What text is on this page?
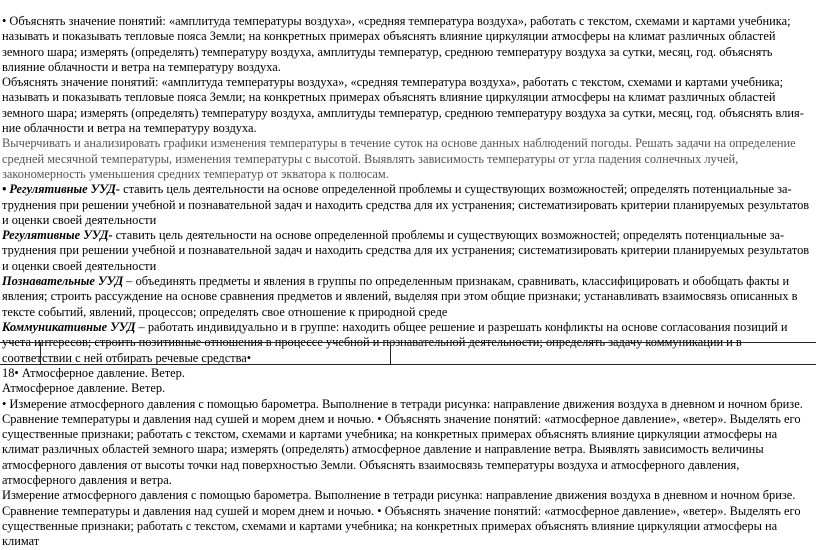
• Объяснять значение понятий: «амплитуда температуры воздуха», «средняя температура воздуха», работать с текстом, схемами и картами учебника; называть и показывать тепловые пояса Земли; на конкретных примерах объяснять влияние циркуляции атмосферы на климат различных областей земного шара; измерять (определять) температуру воздуха, амплитуды температур, среднюю температуру воздуха за сутки, месяц, год. объяснять влияние облачности и ветра на температуру воздуха.

Объяснять значение понятий: «амплитуда температуры воздуха», «средняя температура воздуха», работать с текстом, схемами и картами учебника; называть и показывать тепловые пояса Земли; на конкретных примерах объяснять влияние циркуляции атмосферы на климат различных областей земного шара; измерять (определять) температуру воздуха, амплитуды температур, среднюю температуру воздуха за сутки, месяц, год. объяснять влия-ние облачности и ветра на температуру воздуха.

Вычерчивать и анализировать графики изменения температуры в течение суток на основе данных наблюдений погоды. Решать задачи на определение средней месячной температуры, изменения температуры с высотой. Выявлять зависимость температуры от угла падения солнечных лучей, закономерность уменьшения средних температур от экватора к полюсам.

• Регулятивные УУД- ставить цель деятельности на основе определенной проблемы и существующих возможностей; определять потенциальные за-труднения при решении учебной и познавательной задач и находить средства для их устранения; систематизировать критерии планируемых результатов и оценки своей деятельности

Регулятивные УУД- ставить цель деятельности на основе определенной проблемы и существующих возможностей; определять потенциальные за-труднения при решении учебной и познавательной задач и находить средства для их устранения; систематизировать критерии планируемых результатов и оценки своей деятельности

Познавательные УУД – объединять предметы и явления в группы по определенным признакам, сравнивать, классифицировать и обобщать факты и явления; строить рассуждение на основе сравнения предметов и явлений, выделяя при этом общие признаки; устанавливать взаимосвязь описанных в тексте событий, явлений, процессов; определять свое отношение к природной среде

Коммуникативные УУД – работать индивидуально и в группе: находить общее решение и разрешать конфликты на основе согласования позиций и учета интересов; строить позитивные отношения в процессе учебной и познавательной деятельности; определять задачу коммуникации и в соответствии с ней отбирать речевые средства•

18• Атмосферное давление. Ветер.

Атмосферное давление. Ветер.

• Измерение атмосферного давления с помощью барометра. Выполнение в тетради рисунка: направление движения воздуха в дневном и ночном бризе. Сравнение температуры и давления над сушей и морем днем и ночью. • Объяснять значение понятий: «атмосферное давление», «ветер». Выделять его существенные признаки; работать с текстом, схемами и картами учебника; на конкретных примерах объяснять влияние циркуляции атмосферы на климат различных областей земного шара; измерять (определять) атмосферное давление и направление ветра. Выявлять зависимость величины атмосферного давления от высоты точки над поверхностью Земли. Объяснять взаимосвязь температуры воздуха и атмосферного давления, атмосферного давления и ветра.

Измерение атмосферного давления с помощью барометра. Выполнение в тетради рисунка: направление движения воздуха в дневном и ночном бризе. Сравнение температуры и давления над сушей и морем днем и ночью. • Объяснять значение понятий: «атмосферное давление», «ветер». Выделять его существенные признаки; работать с текстом, схемами и картами учебника; на конкретных примерах объяснять влияние циркуляции атмосферы на климат
